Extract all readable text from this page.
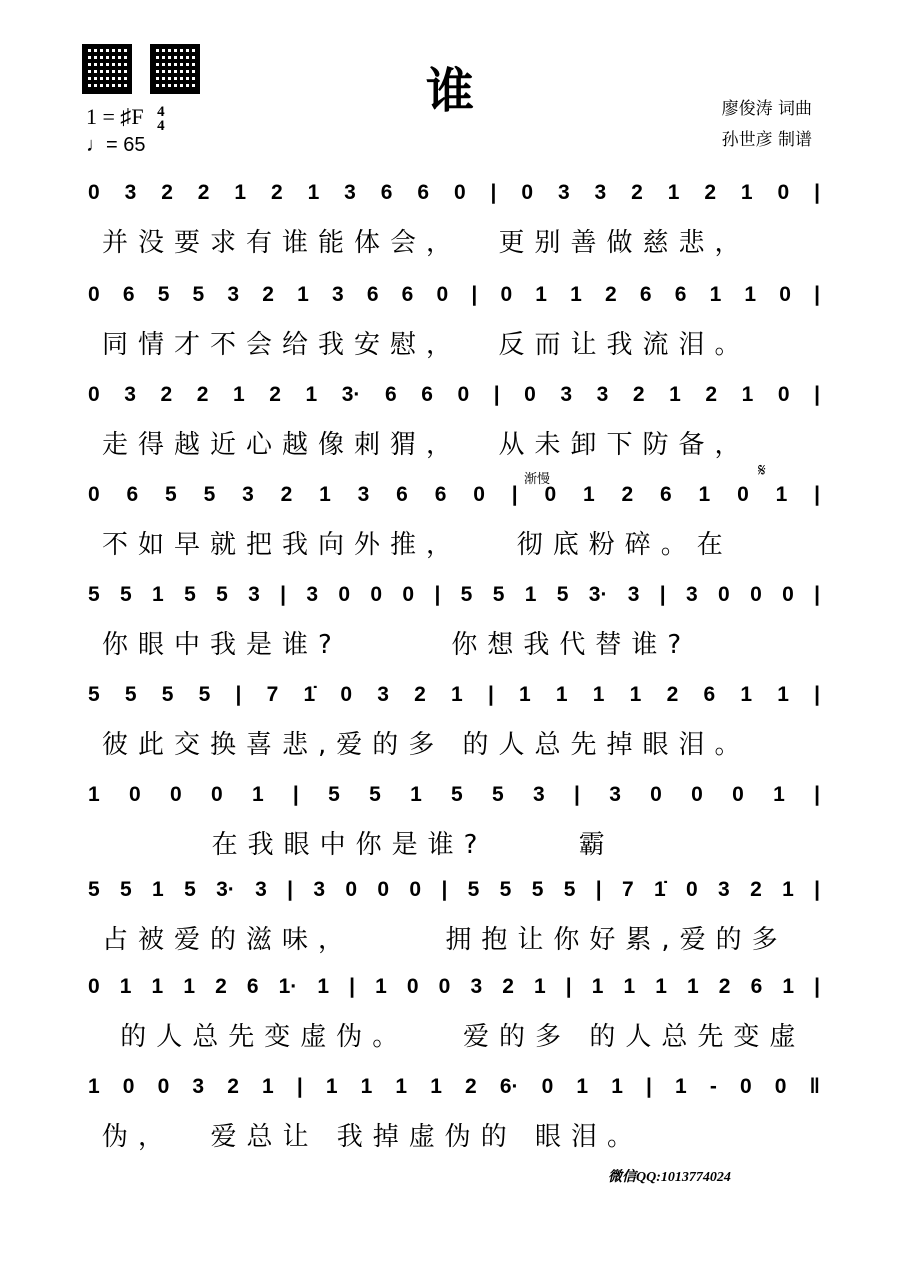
谁
1 = ♯F 4
4
♩= 65
廖俊涛 词曲
孙世彦 制谱
0 3 2 2 1 2 1 3 6 6 0 | 0 3 3 2 1 2 1 0 |
并没要求有谁能体会，  更别善做慈悲，
0 6 5 5 3 2 1 3 6 6 0 | 0 1 1 2 6 6 1 1 0 |
同情才不会给我安慰，  反而让我流泪。
0 3 2 2 1 2 1 3· 6 6 0 | 0 3 3 2 1 2 1 0 |
走得越近心越像刺猬，  从未卸下防备，
0 6 5 5 3 2 1 3 6 6 0 | 0 1 2 6 1 0 1 |
不如早就把我向外推，   彻底粉碎。在
5 5 1 5 5 3 | 3 0 0 0 | 5 5 1 5 3· 3 | 3 0 0 0 |
你眼中我是谁?      你想我代替谁?
5 5 5 5 | 7 1̇ 0 3 2 1 | 1 1 1 1 2 6 1 1 |
彼此交换喜悲,爱的多 的人总先掉眼泪。
1 0 0 0 1 | 5 5 1 5 5 3 | 3 0 0 0 1 |
在我眼中你是谁?     霸
5 5 1 5 3· 3 | 3 0 0 0 | 5 5 5 5 | 7 1̇ 0 3 2 1 |
占被爱的滋味，     拥抱让你好累,爱的多
0 1 1 1 2 6 1· 1 | 1 0 0 3 2 1 | 1 1 1 1 2 6 1 |
的人总先变虚伪。   爱的多 的人总先变虚
1 0 0 3 2 1 | 1 1 1 1 2 6· 0 1 1 | 1 - 0 0 ‖
伪，  爱总让 我掉虚伪的 眼泪。
渐慢	𝄋
微信QQ:1013774024
